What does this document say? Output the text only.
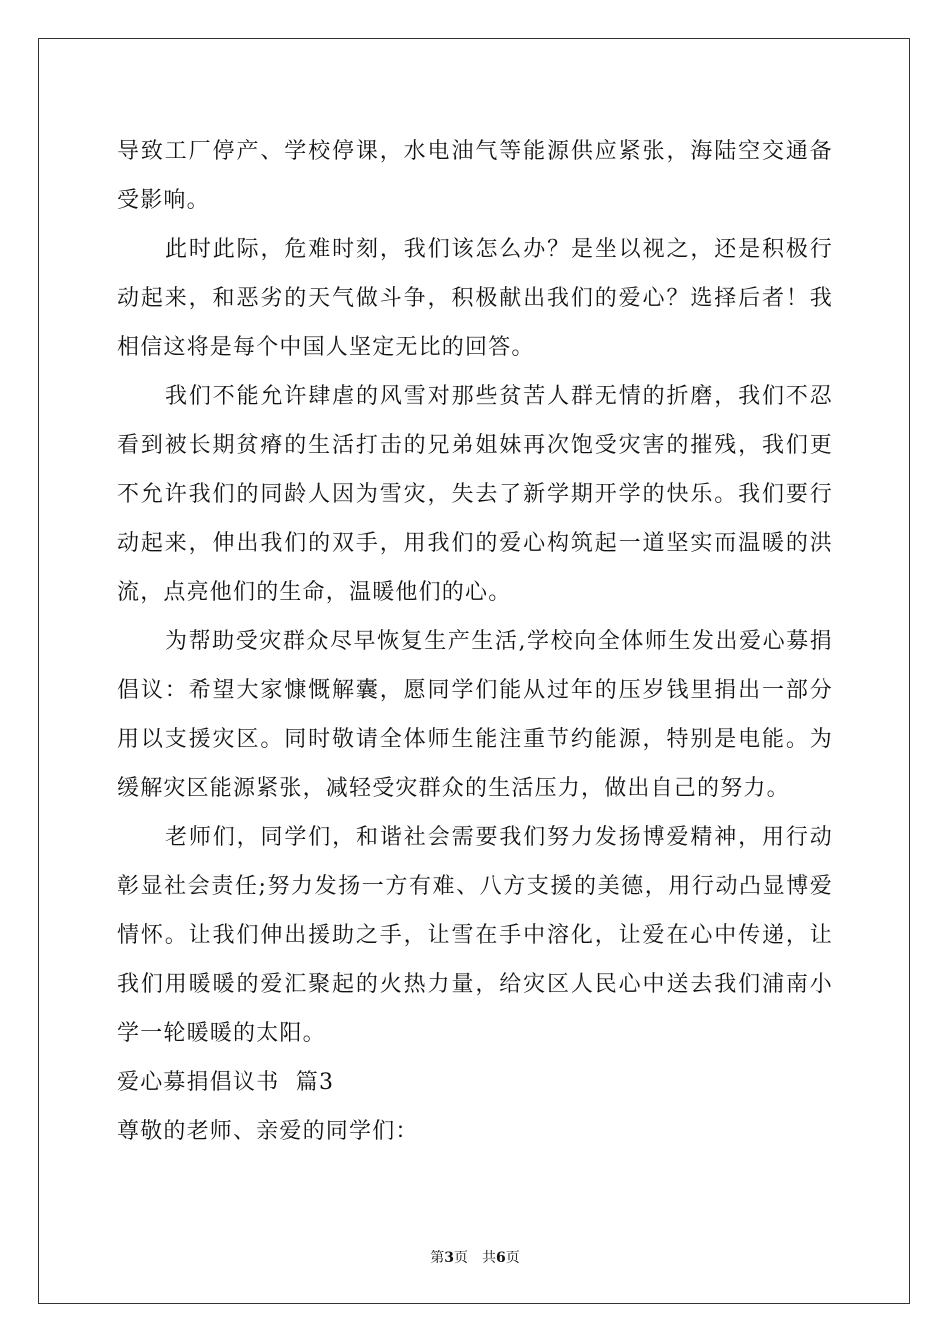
导致工厂停产、学校停课，水电油气等能源供应紧张，海陆空交通备受影响。

此时此际，危难时刻，我们该怎么办？是坐以视之，还是积极行动起来，和恶劣的天气做斗争，积极献出我们的爱心？选择后者！我相信这将是每个中国人坚定无比的回答。

我们不能允许肆虐的风雪对那些贫苦人群无情的折磨，我们不忍看到被长期贫瘠的生活打击的兄弟姐妹再次饱受灾害的摧残，我们更不允许我们的同龄人因为雪灾，失去了新学期开学的快乐。我们要行动起来，伸出我们的双手，用我们的爱心构筑起一道坚实而温暖的洪流，点亮他们的生命，温暖他们的心。

为帮助受灾群众尽早恢复生产生活,学校向全体师生发出爱心募捐倡议：希望大家慷慨解囊，愿同学们能从过年的压岁钱里捐出一部分用以支援灾区。同时敬请全体师生能注重节约能源，特别是电能。为缓解灾区能源紧张，减轻受灾群众的生活压力，做出自己的努力。

老师们，同学们，和谐社会需要我们努力发扬博爱精神，用行动彰显社会责任;努力发扬一方有难、八方支援的美德，用行动凸显博爱情怀。让我们伸出援助之手，让雪在手中溶化，让爱在心中传递，让我们用暖暖的爱汇聚起的火热力量，给灾区人民心中送去我们浦南小学一轮暖暖的太阳。

爱心募捐倡议书  篇3

尊敬的老师、亲爱的同学们：

第3页 共6页
